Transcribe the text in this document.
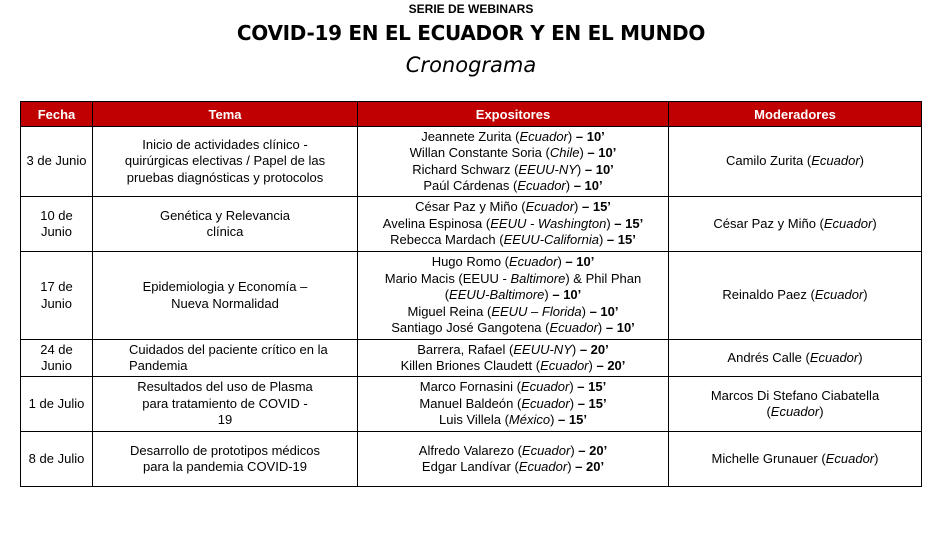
SERIE DE WEBINARS
COVID-19 EN EL ECUADOR Y EN EL MUNDO
Cronograma
Fecha	Tema	Expositores	Moderadores

3 de Junio	Inicio de actividades clínico - quirúrgicas electivas / Papel de las pruebas diagnósticas y protocolos	Jeannete Zurita (Ecuador) – 10’
Willan Constante Soria (Chile) – 10’
Richard Schwarz (EEUU-NY) – 10’
Paúl Cárdenas (Ecuador) – 10’	Camilo Zurita (Ecuador)

10 de Junio	Genética y Relevancia clínica	César Paz y Miño (Ecuador) – 15’
Avelina Espinosa (EEUU - Washington) – 15’
Rebecca Mardach (EEUU-California) – 15’	César Paz y Miño (Ecuador)

17 de Junio	Epidemiologia y Economía – Nueva Normalidad	Hugo Romo (Ecuador) – 10’
Mario Macis (EEUU - Baltimore) & Phil Phan
(EEUU-Baltimore) – 10’
Miguel Reina (EEUU – Florida) – 10’
Santiago José Gangotena (Ecuador) – 10’	Reinaldo Paez (Ecuador)

24 de Junio	Cuidados del paciente crítico en la Pandemia	Barrera, Rafael (EEUU-NY) – 20’
Killen Briones Claudett (Ecuador) – 20’	Andrés Calle (Ecuador)

1 de Julio	Resultados del uso de Plasma para tratamiento de COVID - 19	Marco Fornasini (Ecuador) – 15’
Manuel Baldeón (Ecuador) – 15’
Luis Villela (México) – 15’	Marcos Di Stefano Ciabatella
(Ecuador)

8 de Julio	Desarrollo de prototipos médicos para la pandemia COVID-19	Alfredo Valarezo (Ecuador) – 20’
Edgar Landívar (Ecuador) – 20’	Michelle Grunauer (Ecuador)
